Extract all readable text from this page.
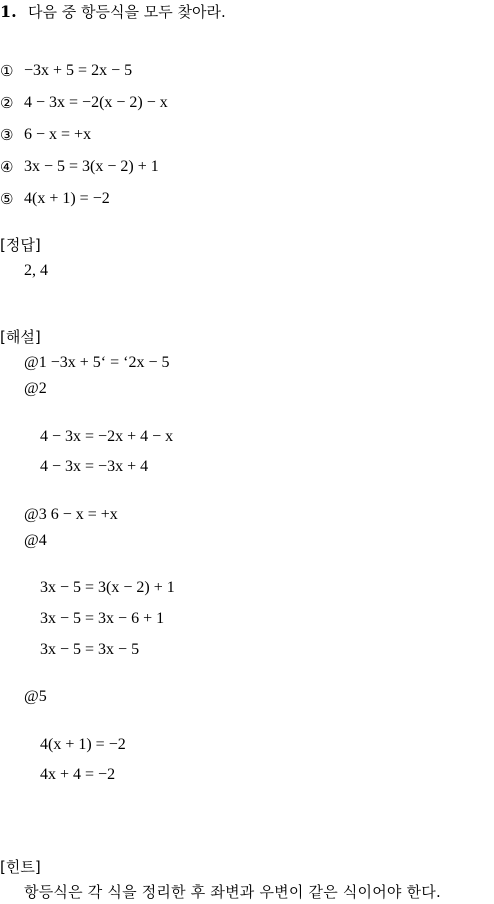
1. 다음 중 항등식을 모두 찾아라.
① −3x + 5 = 2x − 5
② 4 − 3x = −2(x − 2) − x
③ 6 − x = +x
④ 3x − 5 = 3(x − 2) + 1
⑤ 4(x + 1) = −2
[정답]
2, 4
[해설]
@1 −3x + 5‘ = ‘2x − 5
@2
4 − 3x = −2x + 4 − x
4 − 3x = −3x + 4
@3 6 − x = +x
@4
3x − 5 = 3(x − 2) + 1
3x − 5 = 3x − 6 + 1
3x − 5 = 3x − 5
@5
4(x + 1) = −2
4x + 4 = −2
[힌트]
항등식은 각 식을 정리한 후 좌변과 우변이 같은 식이어야 한다.
